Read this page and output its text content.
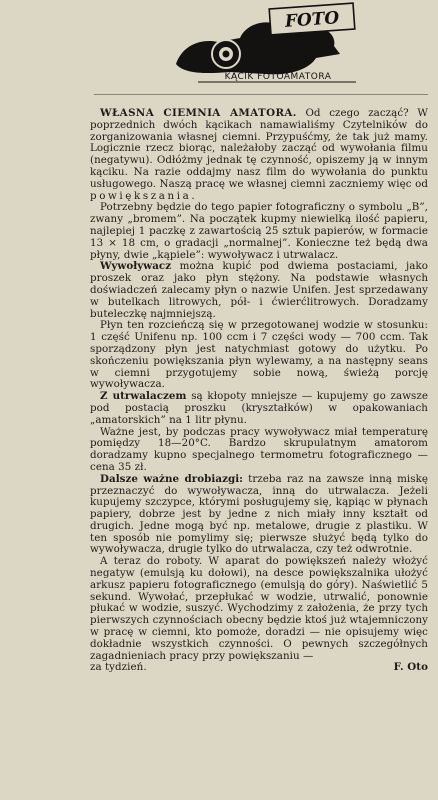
FOTO
KĄCIK FOTOAMATORA

WŁASNA CIEMNIA AMATORA. Od czego zacząć? W poprzednich dwóch kącikach namawialiśmy Czytelników do zorganizowania własnej ciemni. Przypuśćmy, że tak już mamy. Logicznie rzecz biorąc, należałoby zacząć od wywołania filmu (negatywu). Odłóżmy jednak tę czynność, opiszemy ją w innym kąciku. Na razie oddajmy nasz film do wywołania do punktu usługowego. Naszą pracę we własnej ciemni zaczniemy więc od powiększania.

Potrzebny będzie do tego papier fotograficzny o symbolu „B”, zwany „bromem”. Na początek kupmy niewielką ilość papieru, najlepiej 1 paczkę z zawartością 25 sztuk papierów, w formacie 13 × 18 cm, o gradacji „normalnej”. Konieczne też będą dwa płyny, dwie „kąpiele”: wywoływacz i utrwalacz.

Wywoływacz można kupić pod dwiema postaciami, jako proszek oraz jako płyn stężony. Na podstawie własnych doświadczeń zalecamy płyn o nazwie Unifen. Jest sprzedawany w butelkach litrowych, pół- i ćwierćlitrowych. Doradzamy buteleczkę najmniejszą.

Płyn ten rozcieńczą się w przegotowanej wodzie w stosunku: 1 część Unifenu np. 100 ccm i 7 części wody — 700 ccm. Tak sporządzony płyn jest natychmiast gotowy do użytku. Po skończeniu powiększania płyn wylewamy, a na następny seans w ciemni przygotujemy sobie nową, świeżą porcję wywoływacza.

Z utrwalaczem są kłopoty mniejsze — kupujemy go zawsze pod postacią proszku (kryształków) w opakowaniach „amatorskich” na 1 litr płynu.

Ważne jest, by podczas pracy wywoływacz miał temperaturę pomiędzy 18—20°C. Bardzo skrupulatnym amatorom doradzamy kupno specjalnego termometru fotograficznego — cena 35 zł.

Dalsze ważne drobiazgi: trzeba raz na zawsze inną miskę przeznaczyć do wywoływacza, inną do utrwalacza. Jeżeli kupujemy szczypce, którymi posługujemy się, kąpiąc w płynach papiery, dobrze jest by jedne z nich miały inny kształt od drugich. Jedne mogą być np. metalowe, drugie z plastiku. W ten sposób nie pomylimy się; pierwsze służyć będą tylko do wywoływacza, drugie tylko do utrwalacza, czy też odwrotnie.

A teraz do roboty. W aparat do powiększeń należy włożyć negatyw (emulsją ku dołowi), na desce powiększalnika ułożyć arkusz papieru fotograficznego (emulsją do góry). Naświetlić 5 sekund. Wywołać, przepłukać w wodzie, utrwalić, ponownie płukać w wodzie, suszyć. Wychodzimy z założenia, że przy tych pierwszych czynnościach obecny będzie ktoś już wtajemniczony w pracę w ciemni, kto pomoże, doradzi — nie opisujemy więc dokładnie wszystkich czynności. O pewnych szczegółnych zagadnieniach pracy przy powiększaniu —

za tydzień.	F. Oto
